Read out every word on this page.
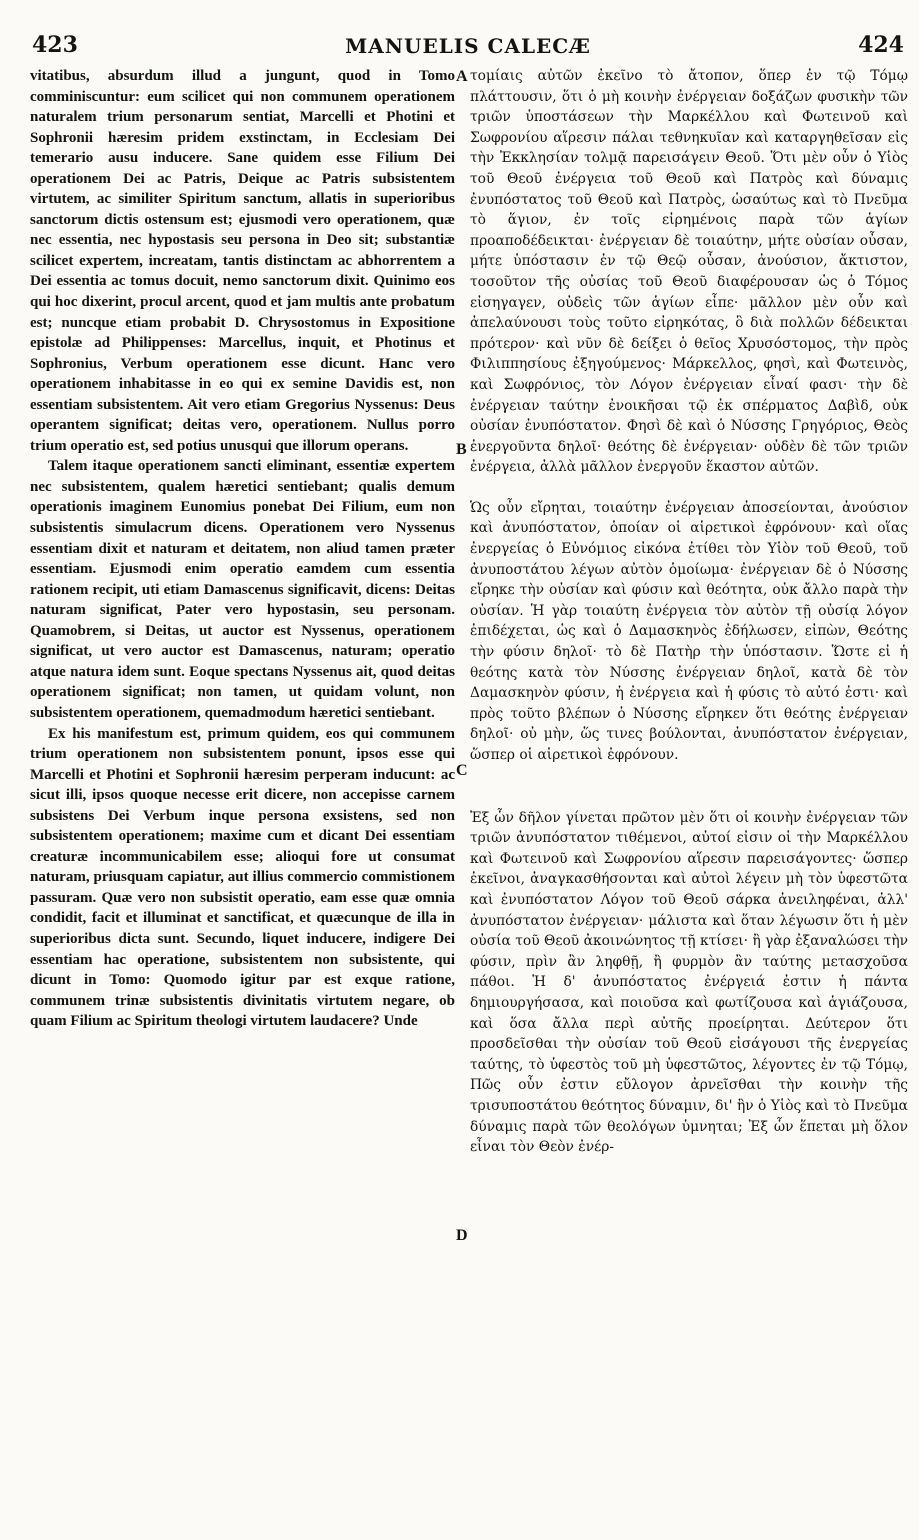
423	MANUELIS CALECÆ	424

vitatibus, absurdum illud a jungunt, quod in Tomo comminiscuntur: eum scilicet qui non communem operationem naturalem trium personarum sentiat, Marcelli et Photini et Sophronii hæresim pridem exstinctam, in Ecclesiam Dei temerario ausu inducere. Sane quidem esse Filium Dei operationem Dei ac Patris, Deique ac Patris subsistentem virtutem, ac similiter Spiritum sanctum, allatis in superioribus sanctorum dictis ostensum est; ejusmodi vero operationem, quæ nec essentia, nec hypostasis seu persona in Deo sit; substantiæ scilicet expertem, increatam, tantis distinctam ac abhorrentem a Dei essentia ac tomus docuit, nemo sanctorum dixit. Quinimo eos qui hoc dixerint, procul arcent, quod et jam multis ante probatum est; nuncque etiam probabit D. Chrysostomus in Expositione epistolæ ad Philippenses: Marcellus, inquit, et Photinus et Sophronius, Verbum operationem esse dicunt. Hanc vero operationem inhabitasse in eo qui ex semine Davidis est, non essentiam subsistentem. Ait vero etiam Gregorius Nyssenus: Deus operantem significat; deitas vero, operationem. Nullus porro trium operatio est, sed potius unusqui que illorum operans.

Talem itaque operationem sancti eliminant, essentiæ expertem nec subsistentem, qualem hæretici sentiebant; qualis demum operationis imaginem Eunomius ponebat Dei Filium, eum non subsistentis simulacrum dicens. Operationem vero Nyssenus essentiam dixit et naturam et deitatem, non aliud tamen præter essentiam. Ejusmodi enim operatio eamdem cum essentia rationem recipit, uti etiam Damascenus significavit, dicens: Deitas naturam significat, Pater vero hypostasin, seu personam. Quamobrem, si Deitas, ut auctor est Nyssenus, operationem significat, ut vero auctor est Damascenus, naturam; operatio atque natura idem sunt. Eoque spectans Nyssenus ait, quod deitas operationem significat; non tamen, ut quidam volunt, non subsistentem operationem, quemadmodum hæretici sentiebant.

Ex his manifestum est, primum quidem, eos qui communem trium operationem non subsistentem ponunt, ipsos esse qui Marcelli et Photini et Sophronii hæresim perperam inducunt: ac sicut illi, ipsos quoque necesse erit dicere, non accepisse carnem subsistens Dei Verbum inque persona exsistens, sed non subsistentem operationem; maxime cum et dicant Dei essentiam creaturæ incommunicabilem esse; alioqui fore ut consumat naturam, priusquam capiatur, aut illius commercio commistionem passuram. Quæ vero non subsistit operatio, eam esse quæ omnia condidit, facit et illuminat et sanctificat, et quæcunque de illa in superioribus dicta sunt. Secundo, liquet inducere, indigere Dei essentiam hac operatione, subsistentem non subsistente, qui dicunt in Tomo: Quomodo igitur par est exque ratione, communem trinæ subsistentis divinitatis virtutem negare, ob quam Filium ac Spiritum theologi virtutem laudacere? Unde

A
B
C
D

τομίαις αὐτῶν ἐκεῖνο τὸ ἄτοπον, ὅπερ ἐν τῷ Τόμῳ πλάττουσιν, ὅτι ὁ μὴ κοινὴν ἐνέργειαν δοξάζων φυσικὴν τῶν τριῶν ὑποστάσεων τὴν Μαρκέλλου καὶ Φωτεινοῦ καὶ Σωφρονίου αἵρεσιν πάλαι τεθνηκυῖαν καὶ καταργηθεῖσαν εἰς τὴν Ἐκκλησίαν τολμᾷ παρεισάγειν Θεοῦ. Ὅτι μὲν οὖν ὁ Υἱὸς τοῦ Θεοῦ ἐνέργεια τοῦ Θεοῦ καὶ Πατρὸς καὶ δύναμις ἐνυπόστατος τοῦ Θεοῦ καὶ Πατρὸς, ὡσαύτως καὶ τὸ Πνεῦμα τὸ ἅγιον, ἐν τοῖς εἰρημένοις παρὰ τῶν ἁγίων προαποδέδεικται· ἐνέργειαν δὲ τοιαύτην, μήτε οὐσίαν οὖσαν, μήτε ὑπόστασιν ἐν τῷ Θεῷ οὖσαν, ἀνούσιον, ἄκτιστον, τοσοῦτον τῆς οὐσίας τοῦ Θεοῦ διαφέρουσαν ὡς ὁ Τόμος εἰσηγαγεν, οὐδεὶς τῶν ἁγίων εἶπε· μᾶλλον μὲν οὖν καὶ ἀπελαύνουσι τοὺς τοῦτο εἰρηκότας, ὃ διὰ πολλῶν δέδεικται πρότερον· καὶ νῦν δὲ δείξει ὁ θεῖος Χρυσόστομος, τὴν πρὸς Φιλιππησίους ἐξηγούμενος· Μάρκελλος, φησὶ, καὶ Φωτεινὸς, καὶ Σωφρόνιος, τὸν Λόγον ἐνέργειαν εἶναί φασι· τὴν δὲ ἐνέργειαν ταύτην ἐνοικῆσαι τῷ ἐκ σπέρματος Δαβὶδ, οὐκ οὐσίαν ἐνυπόστατον. Φησὶ δὲ καὶ ὁ Νύσσης Γρηγόριος, Θεὸς ἐνεργοῦντα δηλοῖ· θεότης δὲ ἐνέργειαν· οὐδὲν δὲ τῶν τριῶν ἐνέργεια, ἀλλὰ μᾶλλον ἐνεργοῦν ἕκαστον αὐτῶν.

Ὡς οὖν εἴρηται, τοιαύτην ἐνέργειαν ἀποσείονται, ἀνούσιον καὶ ἀνυπόστατον, ὁποίαν οἱ αἱρετικοὶ ἐφρόνουν· καὶ οἵας ἐνεργείας ὁ Εὐνόμιος εἰκόνα ἐτίθει τὸν Υἱὸν τοῦ Θεοῦ, τοῦ ἀνυποστάτου λέγων αὐτὸν ὁμοίωμα· ἐνέργειαν δὲ ὁ Νύσσης εἴρηκε τὴν οὐσίαν καὶ φύσιν καὶ θεότητα, οὐκ ἄλλο παρὰ τὴν οὐσίαν. Ἡ γὰρ τοιαύτη ἐνέργεια τὸν αὐτὸν τῇ οὐσίᾳ λόγον ἐπιδέχεται, ὡς καὶ ὁ Δαμασκηνὸς ἐδήλωσεν, εἰπὼν, Θεότης τὴν φύσιν δηλοῖ· τὸ δὲ Πατὴρ τὴν ὑπόστασιν. Ὥστε εἰ ἡ θεότης κατὰ τὸν Νύσσης ἐνέργειαν δηλοῖ, κατὰ δὲ τὸν Δαμασκηνὸν φύσιν, ἡ ἐνέργεια καὶ ἡ φύσις τὸ αὐτό ἐστι· καὶ πρὸς τοῦτο βλέπων ὁ Νύσσης εἴρηκεν ὅτι θεότης ἐνέργειαν δηλοῖ· οὐ μὴν, ὥς τινες βούλονται, ἀνυπόστατον ἐνέργειαν, ὥσπερ οἱ αἱρετικοὶ ἐφρόνουν.

Ἐξ ὧν δῆλον γίνεται πρῶτον μὲν ὅτι οἱ κοινὴν ἐνέργειαν τῶν τριῶν ἀνυπόστατον τιθέμενοι, αὐτοί εἰσιν οἱ τὴν Μαρκέλλου καὶ Φωτεινοῦ καὶ Σωφρονίου αἵρεσιν παρεισάγοντες· ὥσπερ ἐκεῖνοι, ἀναγκασθήσονται καὶ αὐτοὶ λέγειν μὴ τὸν ὑφεστῶτα καὶ ἐνυπόστατον Λόγον τοῦ Θεοῦ σάρκα ἀνειληφέναι, ἀλλ' ἀνυπόστατον ἐνέργειαν· μάλιστα καὶ ὅταν λέγωσιν ὅτι ἡ μὲν οὐσία τοῦ Θεοῦ ἀκοινώνητος τῇ κτίσει· ἢ γὰρ ἐξαναλώσει τὴν φύσιν, πρὶν ἂν ληφθῇ, ἢ φυρμὸν ἂν ταύτης μετασχοῦσα πάθοι. Ἡ δ' ἀνυπόστατος ἐνέργειά ἐστιν ἡ πάντα δημιουργήσασα, καὶ ποιοῦσα καὶ φωτίζουσα καὶ ἁγιάζουσα, καὶ ὅσα ἄλλα περὶ αὐτῆς προείρηται. Δεύτερον ὅτι προσδεῖσθαι τὴν οὐσίαν τοῦ Θεοῦ εἰσάγουσι τῆς ἐνεργείας ταύτης, τὸ ὑφεστὸς τοῦ μὴ ὑφεστῶτος, λέγοντες ἐν τῷ Τόμῳ, Πῶς οὖν ἐστιν εὔλογον ἀρνεῖσθαι τὴν κοινὴν τῆς τρισυποστάτου θεότητος δύναμιν, δι' ἣν ὁ Υἱὸς καὶ τὸ Πνεῦμα δύναμις παρὰ τῶν θεολόγων ὑμνηται; Ἐξ ὧν ἕπεται μὴ ὅλον εἶναι τὸν Θεὸν ἐνέρ-
